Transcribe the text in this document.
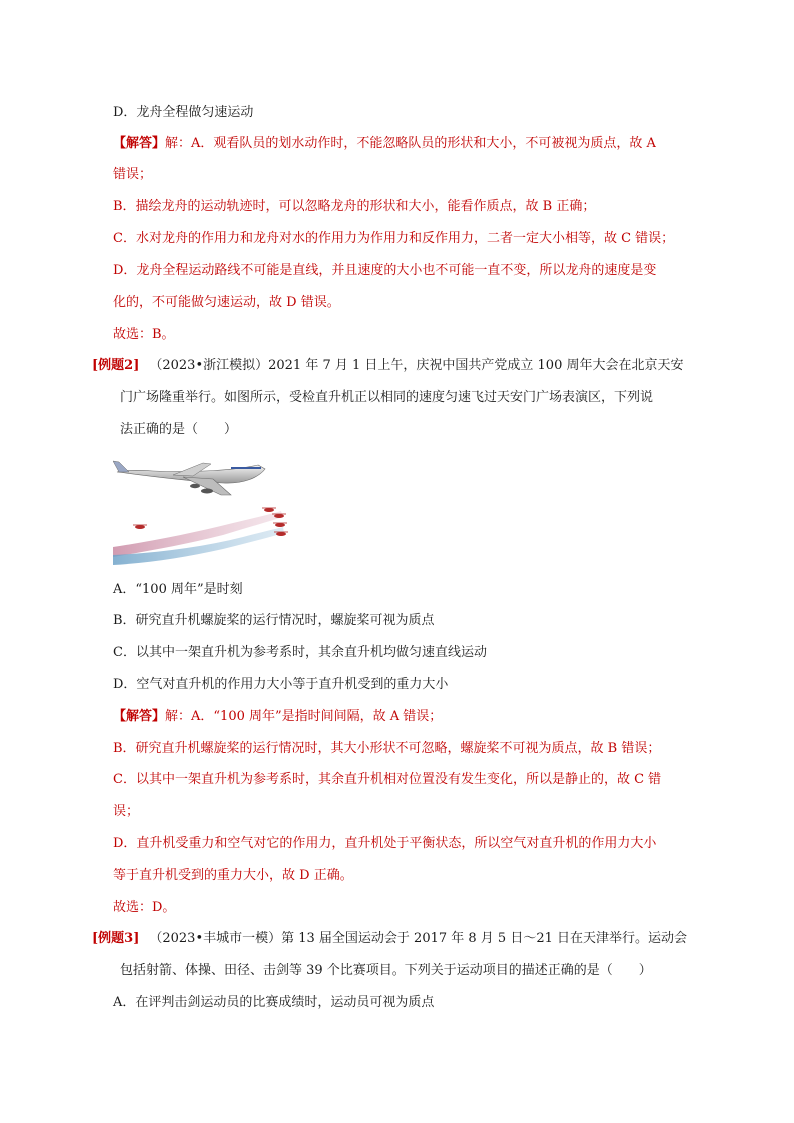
D．龙舟全程做匀速运动
【解答】解：A．观看队员的划水动作时，不能忽略队员的形状和大小，不可被视为质点，故 A
错误；
B．描绘龙舟的运动轨迹时，可以忽略龙舟的形状和大小，能看作质点，故 B 正确；
C．水对龙舟的作用力和龙舟对水的作用力为作用力和反作用力，二者一定大小相等，故 C 错误；
D．龙舟全程运动路线不可能是直线，并且速度的大小也不可能一直不变，所以龙舟的速度是变
化的，不可能做匀速运动，故 D 错误。
故选：B。
[例题2] （2023•浙江模拟）2021 年 7 月 1 日上午，庆祝中国共产党成立 100 周年大会在北京天安
门广场隆重举行。如图所示，受检直升机正以相同的速度匀速飞过天安门广场表演区，下列说
法正确的是（　　）
A．“100 周年”是时刻
B．研究直升机螺旋桨的运行情况时，螺旋桨可视为质点
C．以其中一架直升机为参考系时，其余直升机均做匀速直线运动
D．空气对直升机的作用力大小等于直升机受到的重力大小
【解答】解：A．“100 周年”是指时间间隔，故 A 错误；
B．研究直升机螺旋桨的运行情况时，其大小形状不可忽略，螺旋桨不可视为质点，故 B 错误；
C．以其中一架直升机为参考系时，其余直升机相对位置没有发生变化，所以是静止的，故 C 错
误；
D．直升机受重力和空气对它的作用力，直升机处于平衡状态，所以空气对直升机的作用力大小
等于直升机受到的重力大小，故 D 正确。
故选：D。
[例题3] （2023•丰城市一模）第 13 届全国运动会于 2017 年 8 月 5 日～21 日在天津举行。运动会
包括射箭、体操、田径、击剑等 39 个比赛项目。下列关于运动项目的描述正确的是（　　）
A．在评判击剑运动员的比赛成绩时，运动员可视为质点
